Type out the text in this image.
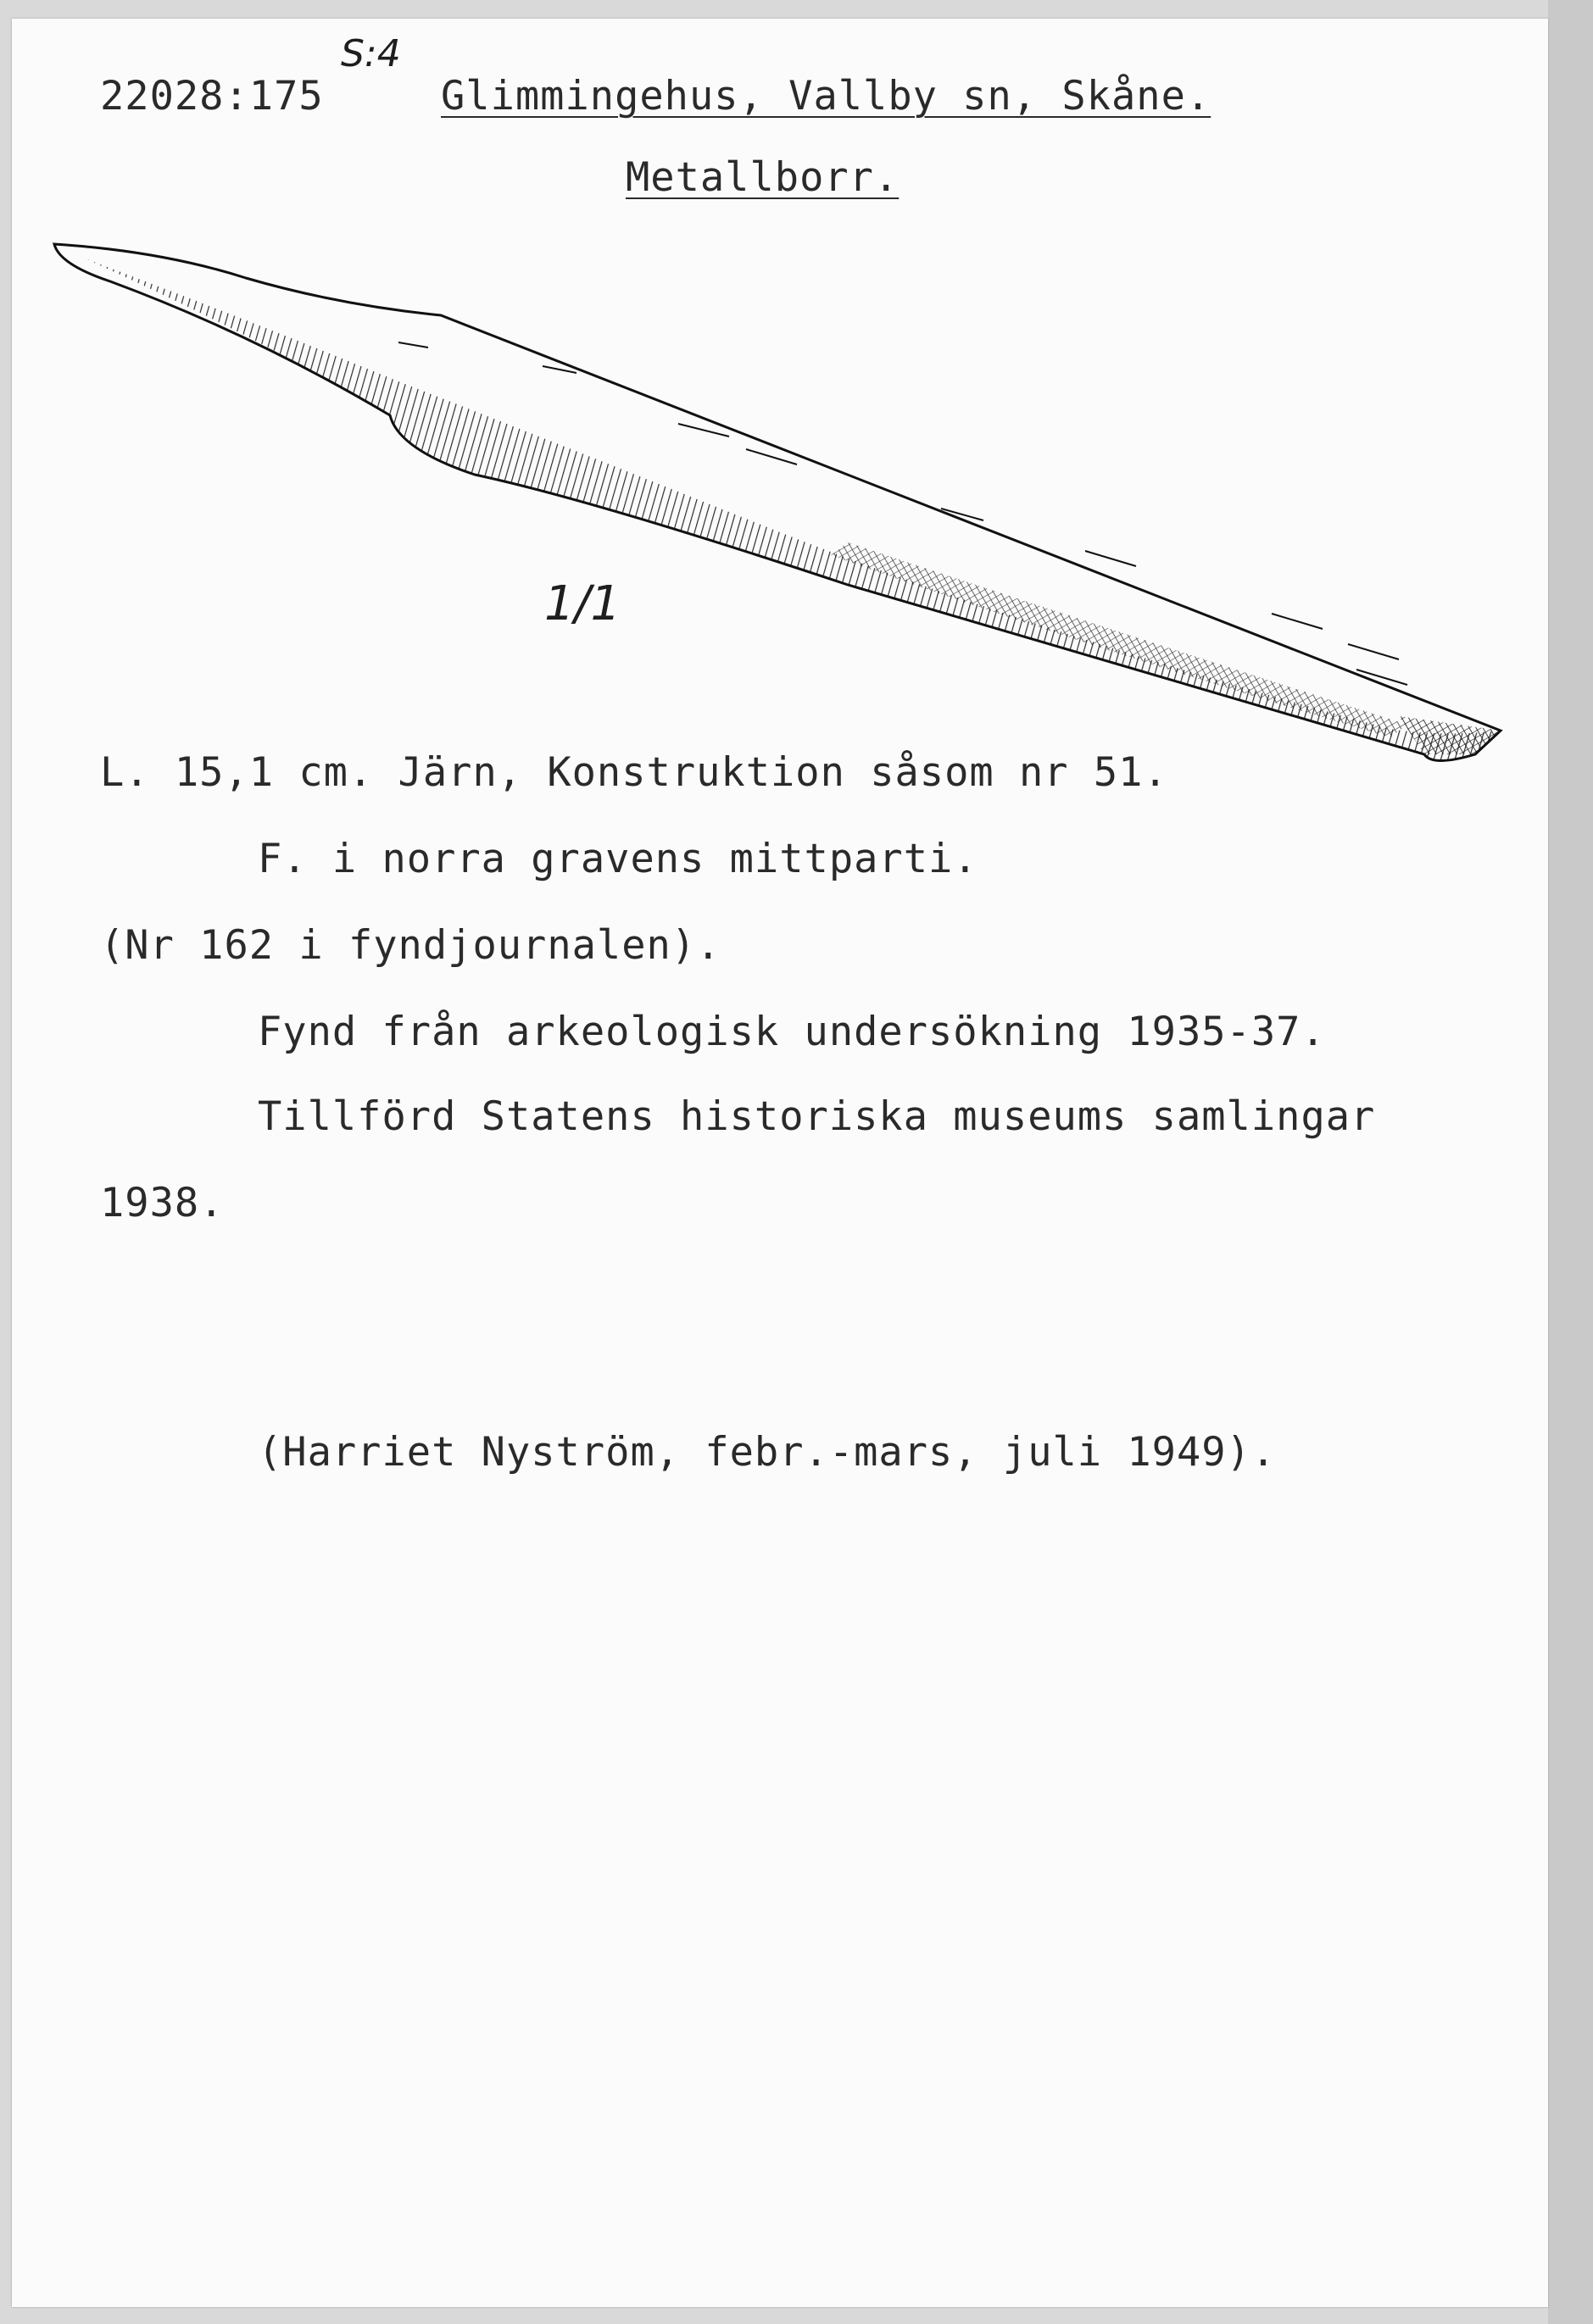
22028:175
S:4
Glimmingehus, Vallby sn, Skåne.
Metallborr.
1/1
L. 15,1 cm. Järn, Konstruktion såsom nr 51.
F. i norra gravens mittparti.
(Nr 162 i fyndjournalen).
Fynd från arkeologisk undersökning 1935-37.
Tillförd Statens historiska museums samlingar
1938.
(Harriet Nyström, febr.-mars, juli 1949).
